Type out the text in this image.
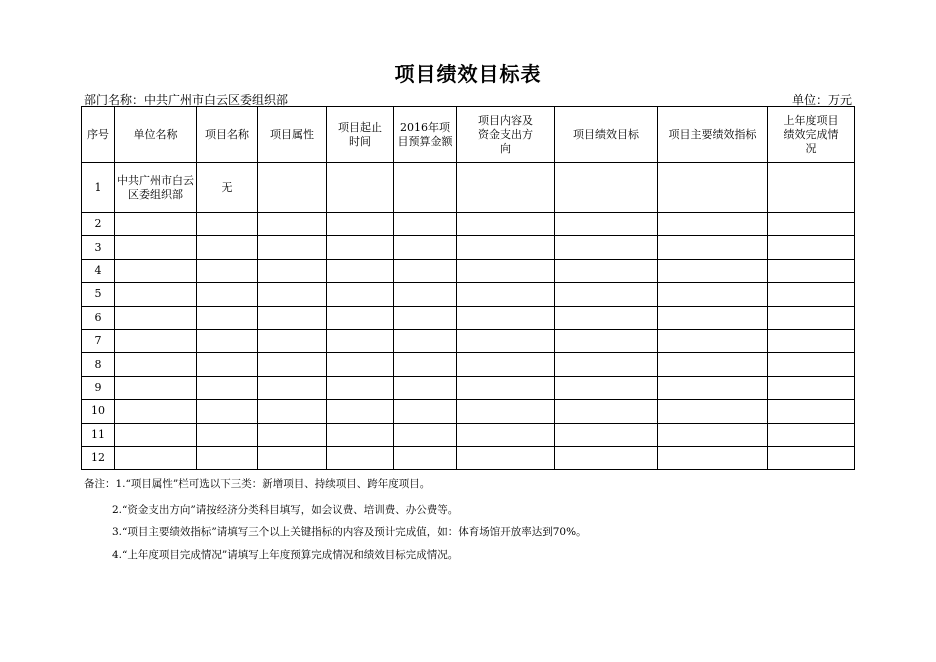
项目绩效目标表
部门名称：中共广州市白云区委组织部	单位：万元
序号	单位名称	项目名称	项目属性	项目起止时间	2016年项目预算金额	项目内容及资金支出方向	项目绩效目标	项目主要绩效指标	上年度项目绩效完成情况
1	中共广州市白云区委组织部	无							
2									
3									
4									
5									
6									
7									
8									
9									
10									
11									
12									
备注：1.“项目属性”栏可选以下三类：新增项目、持续项目、跨年度项目。
2.“资金支出方向”请按经济分类科目填写，如会议费、培训费、办公费等。
3.“项目主要绩效指标”请填写三个以上关键指标的内容及预计完成值，如：体育场馆开放率达到70%。
4.“上年度项目完成情况”请填写上年度预算完成情况和绩效目标完成情况。
